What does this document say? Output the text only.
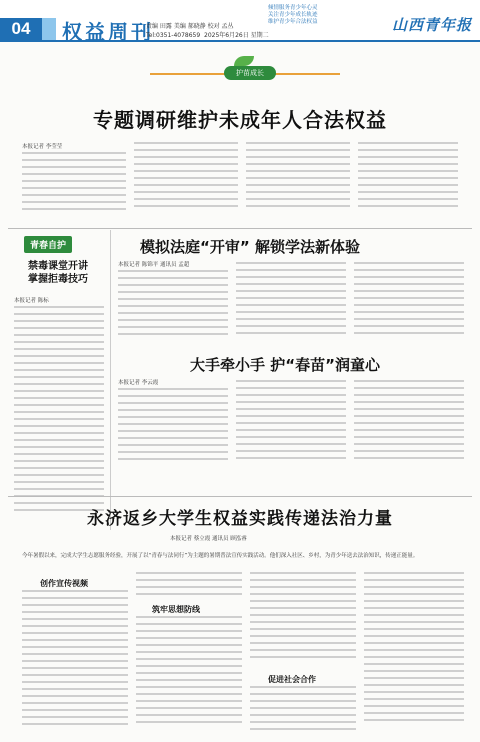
04	权益周刊
责编 田露 美编 郝晓静 校对 孟丛
Tel:0351-4078659 2025年6月26日 星期二
倾情服务青少年心灵
关注青少年成长轨迹
维护青少年合法权益	山西青年报
护苗成长
专题调研维护未成年人合法权益
本报记者 李莹莹
青春自护
禁毒课堂开讲
掌握拒毒技巧
本报记者 陈标
模拟法庭“开审” 解锁学法新体验
本报记者 陈锦平 通讯员 孟超
大手牵小手 护“春苗”润童心
本报记者 李云霞
永济返乡大学生权益实践传递法治力量
本报记者 蔡立霞 通讯员 顾泓睿
今年暑假以来，完成大学生志愿服务经验，开展了以“青春与法同行”为主题的暑期普法宣传实践活动。他们深入社区、乡村，为青少年送去法治知识，传递正能量。
创作宣传视频
筑牢思想防线
促进社会合作
